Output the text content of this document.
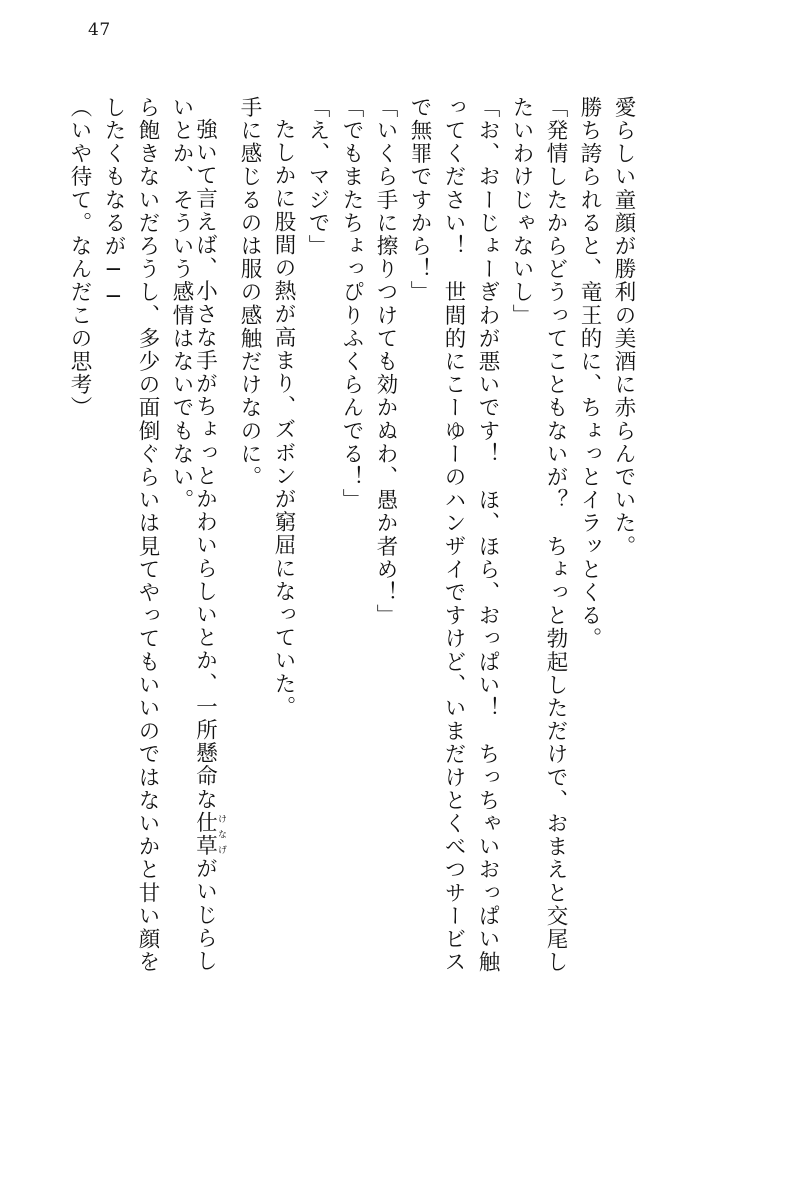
47
（いや待て。なんだこの思考） したくもなるが── ら飽きないだろうし、多少の面倒ぐらいは見てやってもいいのではないかと甘い顔を いとか、そういう感情はないでもない。
強いて言えば、小さな手がちょっとかわいらしいとか、一所懸命な仕草けなげがいじらし
手に感じるのは服の感触だけなのに。 たしかに股間の熱が高まり、ズボンが窮屈になっていた。 「え、マジで」 「でもまたちょっぴりふくらんでる！」 「いくら手に擦りつけても効かぬわ、愚か者め！」 で無罪ですから！」 ってください！　世間的にこーゆーのハンザイですけど、いまだけとくべつサービス 「お、おーじょーぎわが悪いです！　ほ、ほら、おっぱい！　ちっちゃいおっぱい触 たいわけじゃないし」 「発情したからどうってこともないが？　ちょっと勃起しただけで、おまえと交尾し 勝ち誇られると、竜王的に、ちょっとイラッとくる。 愛らしい童顔が勝利の美酒に赤らんでいた。
